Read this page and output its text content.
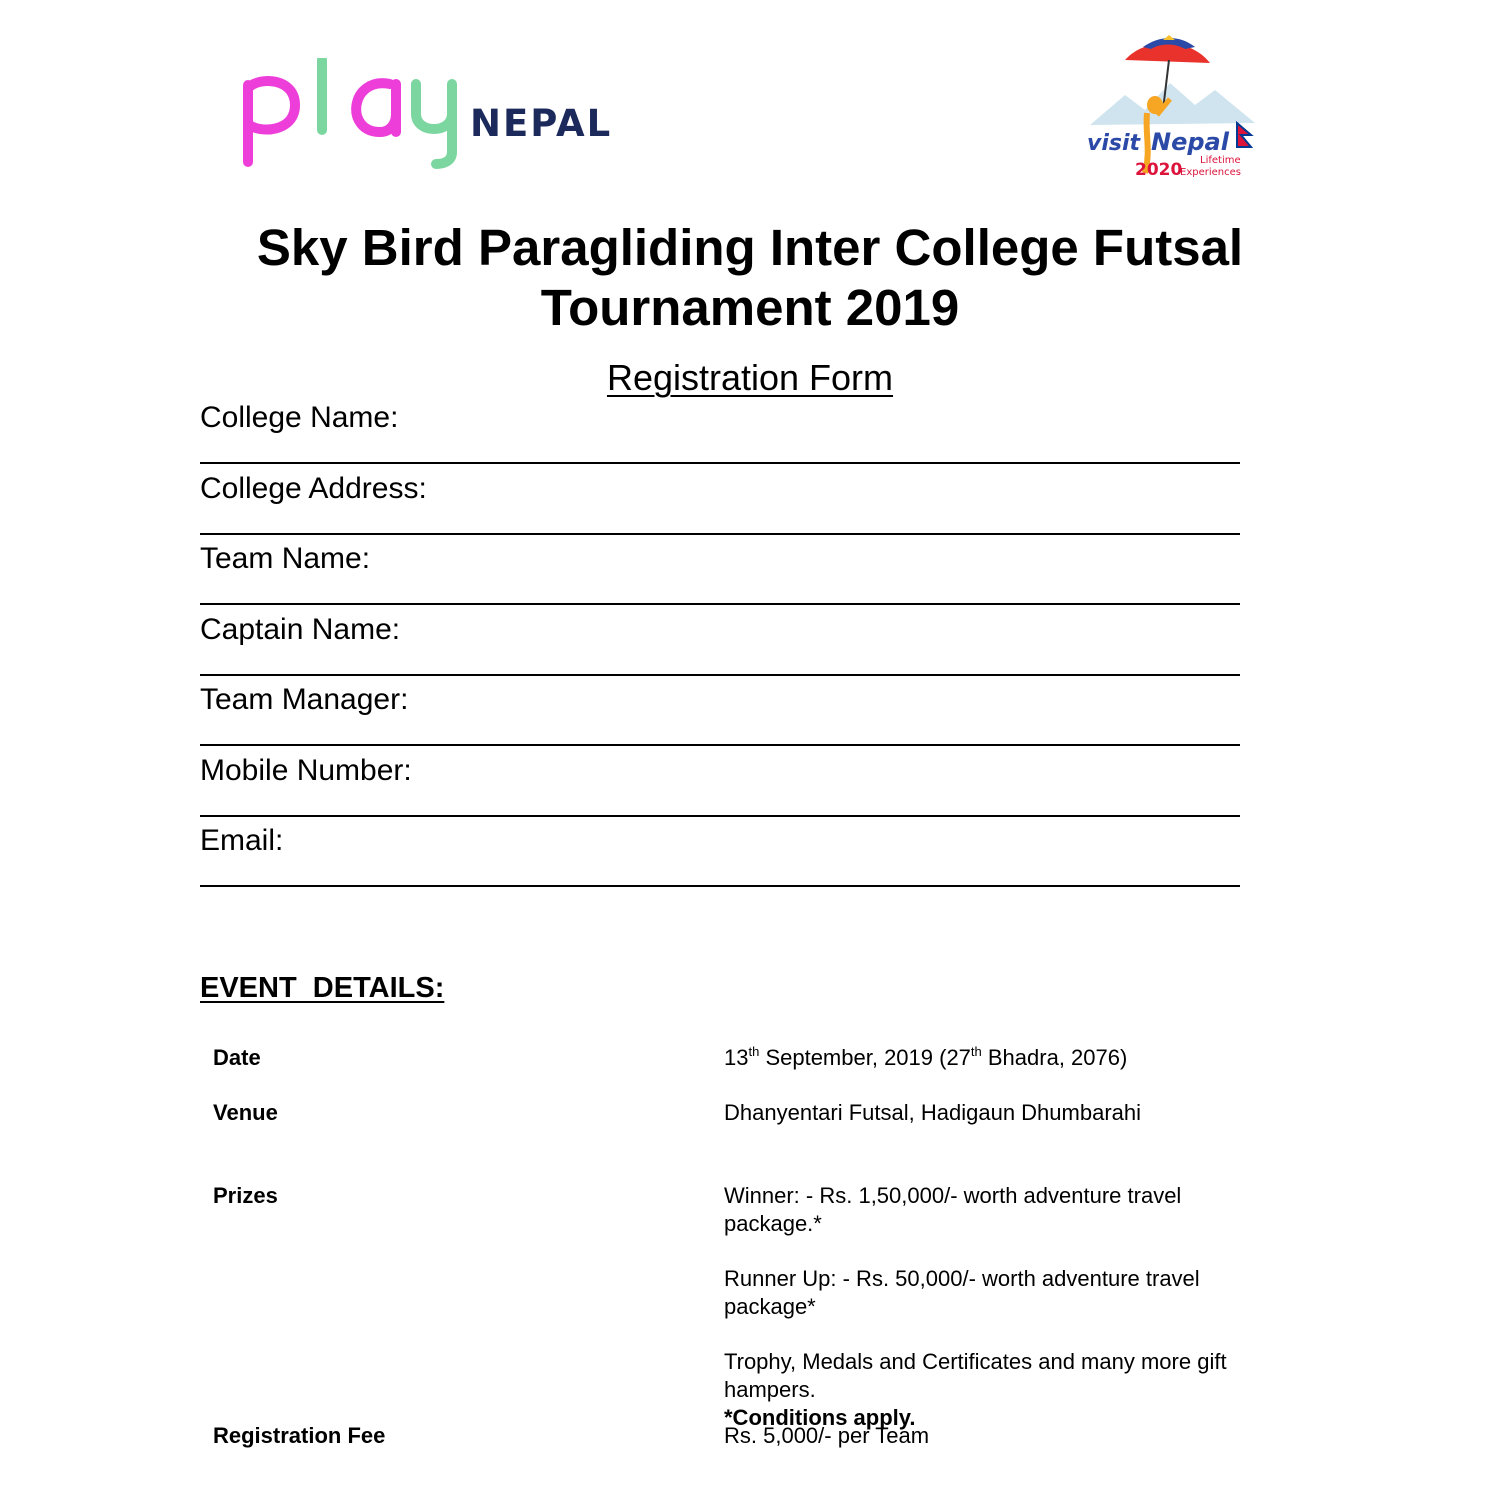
NEPAL	visit Nepal
2020 Lifetime
Experiences
Sky Bird Paragliding Inter College Futsal
Tournament 2019
Registration Form
College Name:
College Address:
Team Name:
Captain Name:
Team Manager:
Mobile Number:
Email:
EVENT  DETAILS:
Date	13th September, 2019 (27th Bhadra, 2076)
Venue	Dhanyentari Futsal, Hadigaun Dhumbarahi
Prizes	Winner: - Rs. 1,50,000/- worth adventure travel package.*

Runner Up: - Rs. 50,000/- worth adventure travel package*

Trophy, Medals and Certificates and many more gift hampers.

*Conditions apply.

Registration Fee	Rs. 5,000/- per Team
